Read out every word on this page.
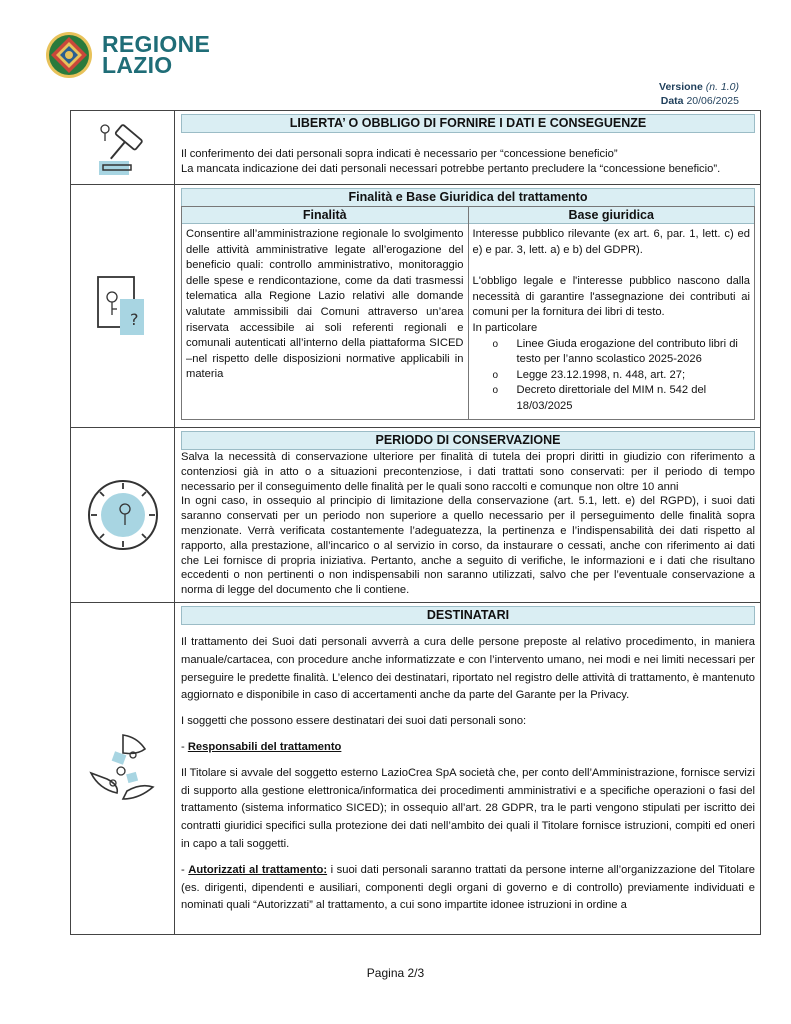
REGIONE
LAZIO
Versione (n. 1.0)
Data 20/06/2025
LIBERTA’ O OBBLIGO DI FORNIRE I DATI E CONSEGUENZE
Il conferimento dei dati personali sopra indicati è necessario per “concessione beneficio”
La mancata indicazione dei dati personali necessari potrebbe pertanto precludere la “concessione beneficio”.
?
Finalità e Base Giuridica del trattamento
Finalità
Consentire all’amministrazione regionale lo svolgimento delle attività amministrative legate all’erogazione del beneficio quali: controllo amministrativo, monitoraggio delle spese e rendicontazione, come da dati trasmessi telematica alla Regione Lazio relativi alle domande valutate ammissibili dai Comuni attraverso un’area riservata accessibile ai soli referenti regionali e comunali autenticati all’interno della piattaforma SICED –nel rispetto delle disposizioni normative applicabili in materia
Base giuridica
Interesse pubblico rilevante (ex art. 6, par. 1, lett. c) ed e) e par. 3, lett. a) e b) del GDPR).
L'obbligo legale e l'interesse pubblico nascono dalla necessità di garantire l'assegnazione dei contributi ai comuni per la fornitura dei libri di testo.
In particolare
o Linee Giuda erogazione del contributo libri di testo per l’anno scolastico 2025-2026
o Legge 23.12.1998, n. 448, art. 27;
o Decreto direttoriale del MIM n. 542 del 18/03/2025
PERIODO DI CONSERVAZIONE
Salva la necessità di conservazione ulteriore per finalità di tutela dei propri diritti in giudizio con riferimento a contenziosi già in atto o a situazioni precontenziose, i dati trattati sono conservati: per il periodo di tempo necessario per il conseguimento delle finalità per le quali sono raccolti e comunque non oltre 10 anni
In ogni caso, in ossequio al principio di limitazione della conservazione (art. 5.1, lett. e) del RGPD), i suoi dati saranno conservati per un periodo non superiore a quello necessario per il perseguimento delle finalità sopra menzionate. Verrà verificata costantemente l’adeguatezza, la pertinenza e l’indispensabilità dei dati rispetto al rapporto, alla prestazione, all’incarico o al servizio in corso, da instaurare o cessati, anche con riferimento ai dati che Lei fornisce di propria iniziativa. Pertanto, anche a seguito di verifiche, le informazioni e i dati che risultano eccedenti o non pertinenti o non indispensabili non saranno utilizzati, salvo che per l’eventuale conservazione a norma di legge del documento che li contiene.
DESTINATARI
Il trattamento dei Suoi dati personali avverrà a cura delle persone preposte al relativo procedimento, in maniera manuale/cartacea, con procedure anche informatizzate e con l’intervento umano, nei modi e nei limiti necessari per perseguire le predette finalità. L’elenco dei destinatari, riportato nel registro delle attività di trattamento, è mantenuto aggiornato e disponibile in caso di accertamenti anche da parte del Garante per la Privacy.
I soggetti che possono essere destinatari dei suoi dati personali sono:
- Responsabili del trattamento
Il Titolare si avvale del soggetto esterno LazioCrea SpA società che, per conto dell’Amministrazione, fornisce servizi di supporto alla gestione elettronica/informatica dei procedimenti amministrativi e a specifiche operazioni o fasi del trattamento (sistema informatico SICED); in ossequio all’art. 28 GDPR, tra le parti vengono stipulati per iscritto dei contratti giuridici specifici sulla protezione dei dati nell’ambito dei quali il Titolare fornisce istruzioni, compiti ed oneri in capo a tali soggetti.
- Autorizzati al trattamento: i suoi dati personali saranno trattati da persone interne all’organizzazione del Titolare (es. dirigenti, dipendenti e ausiliari, componenti degli organi di governo e di controllo) previamente individuati e nominati quali “Autorizzati” al trattamento, a cui sono impartite idonee istruzioni in ordine a
Pagina 2/3
